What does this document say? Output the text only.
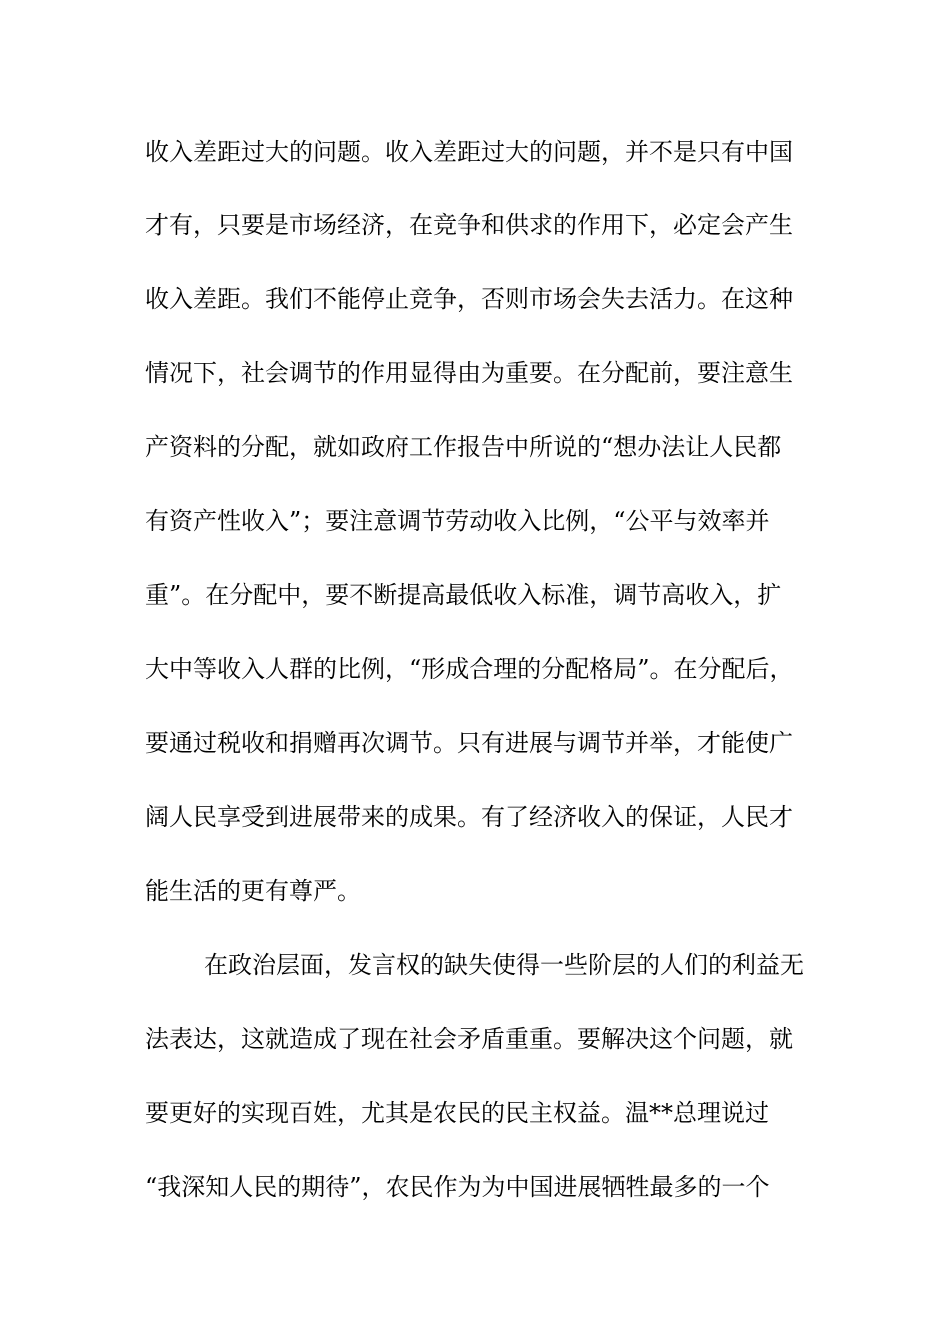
收入差距过大的问题。收入差距过大的问题，并不是只有中国
才有，只要是市场经济，在竞争和供求的作用下，必定会产生
收入差距。我们不能停止竞争，否则市场会失去活力。在这种
情况下，社会调节的作用显得由为重要。在分配前，要注意生
产资料的分配，就如政府工作报告中所说的“想办法让人民都
有资产性收入”；要注意调节劳动收入比例，“公平与效率并
重”。在分配中，要不断提高最低收入标准，调节高收入，扩
大中等收入人群的比例，“形成合理的分配格局”。在分配后，
要通过税收和捐赠再次调节。只有进展与调节并举，才能使广
阔人民享受到进展带来的成果。有了经济收入的保证，人民才
能生活的更有尊严。
在政治层面，发言权的缺失使得一些阶层的人们的利益无
法表达，这就造成了现在社会矛盾重重。要解决这个问题，就
要更好的实现百姓，尤其是农民的民主权益。温**总理说过
“我深知人民的期待”，农民作为为中国进展牺牲最多的一个
